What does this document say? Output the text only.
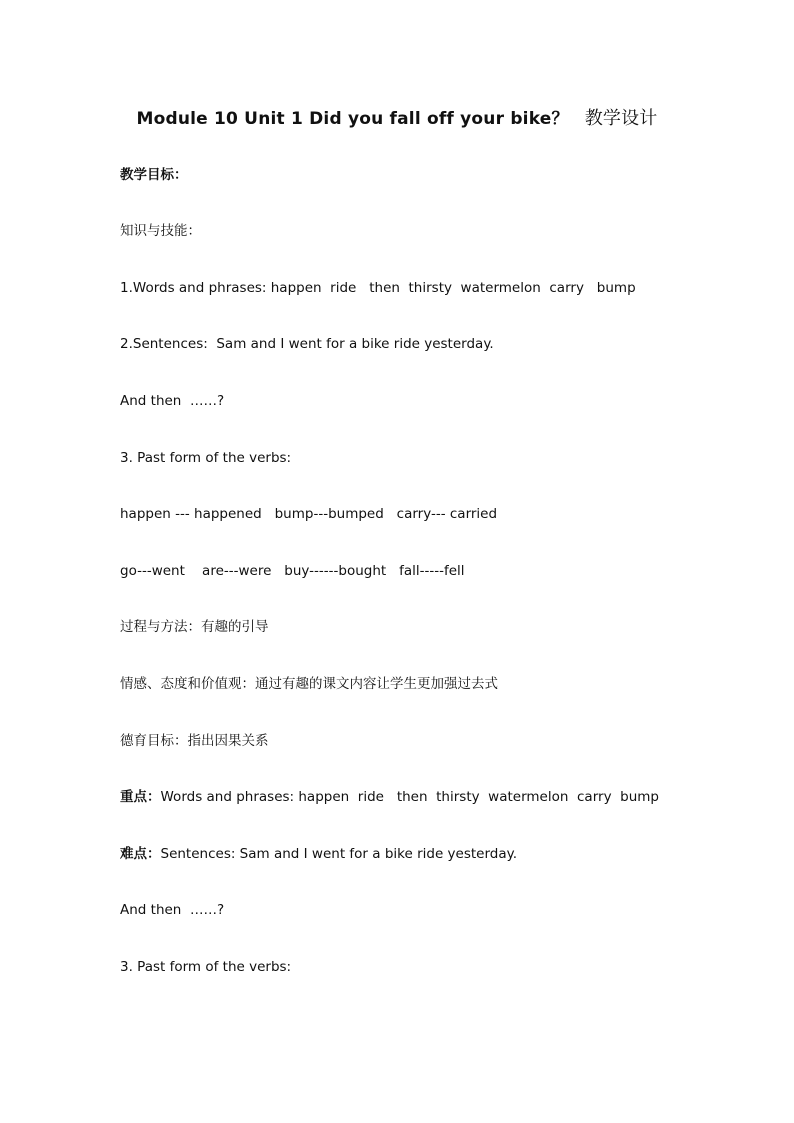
Module 10 Unit 1 Did you fall off your bike？ 教学设计
教学目标：
知识与技能：
1.Words and phrases: happen  ride   then  thirsty  watermelon  carry   bump
2.Sentences:  Sam and I went for a bike ride yesterday.
And then  ……?
3. Past form of the verbs:
happen --- happened   bump---bumped   carry--- carried
go---went    are---were   buy------bought   fall-----fell
过程与方法：有趣的引导
情感、态度和价值观：通过有趣的课文内容让学生更加强过去式
德育目标：指出因果关系
重点：Words and phrases: happen  ride   then  thirsty  watermelon  carry  bump
难点：Sentences: Sam and I went for a bike ride yesterday.
And then  ……?
3. Past form of the verbs:
